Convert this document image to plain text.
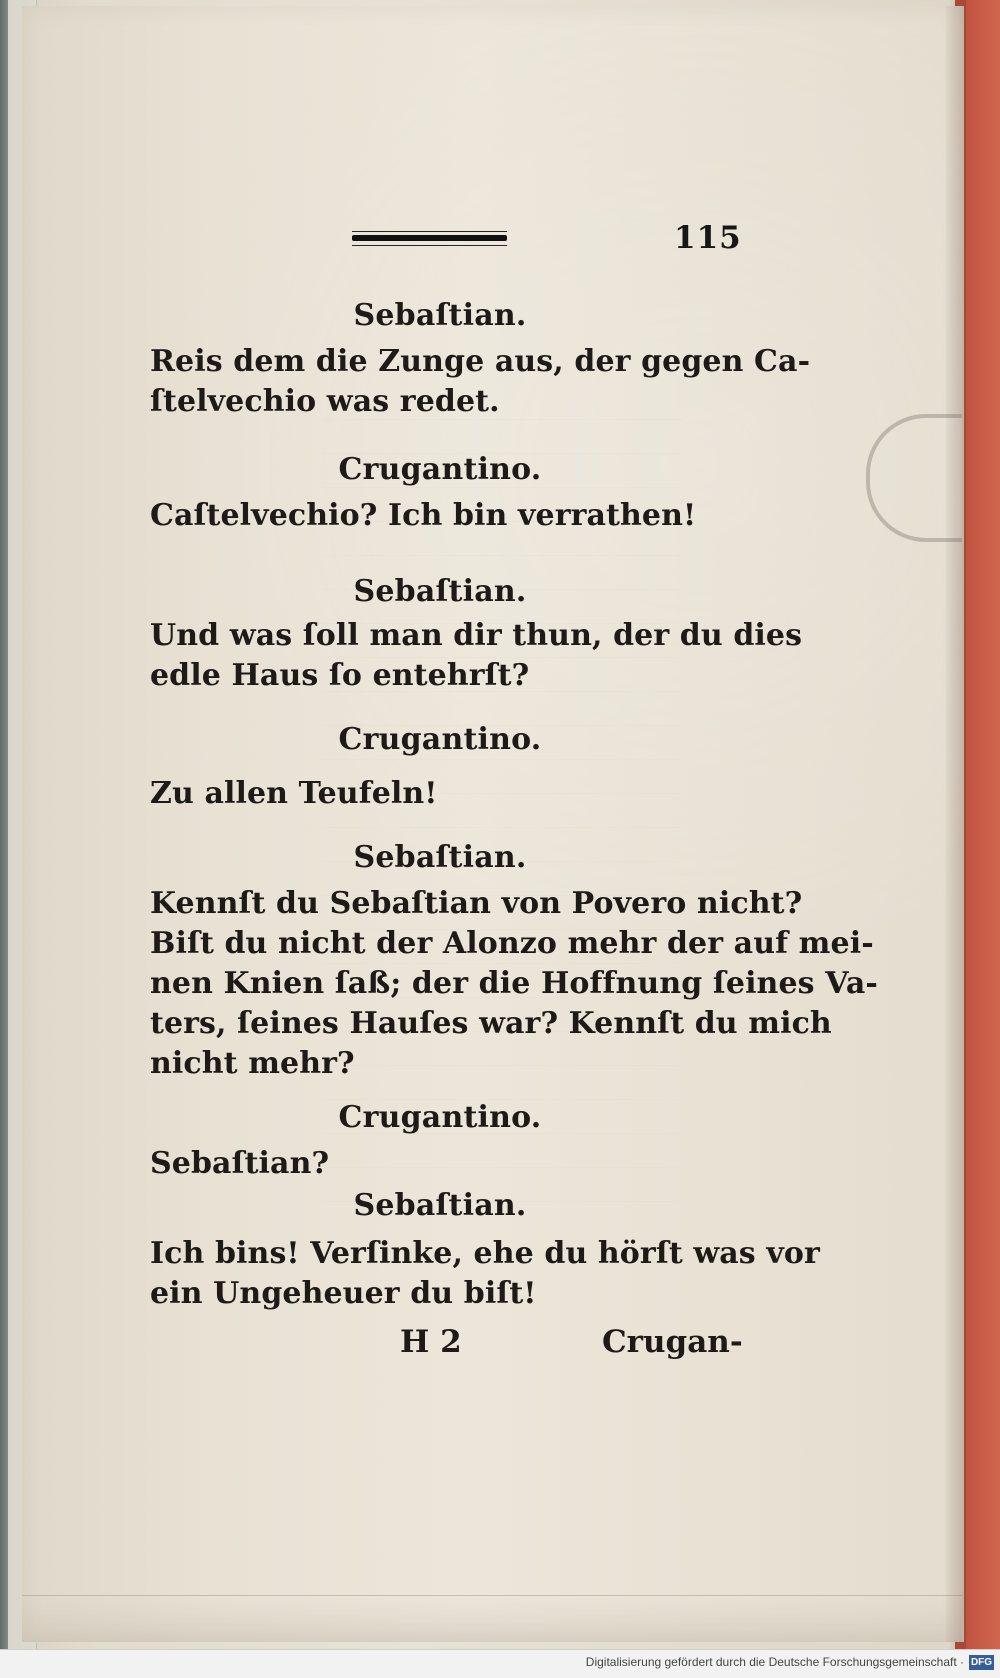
115
Sebaſtian.
Reis dem die Zunge aus, der gegen Ca-
ſtelvechio was redet.
Crugantino.
Caſtelvechio? Ich bin verrathen!
Sebaſtian.
Und was ſoll man dir thun, der du dies
edle Haus ſo entehrſt?
Crugantino.
Zu allen Teufeln!
Sebaſtian.
Kennſt du Sebaſtian von Povero nicht?
Biſt du nicht der Alonzo mehr der auf mei-
nen Knien ſaß; der die Hoffnung ſeines Va-
ters, ſeines Hauſes war? Kennſt du mich
nicht mehr?
Crugantino.
Sebaſtian?
Sebaſtian.
Ich bins! Verſinke, ehe du hörſt was vor
ein Ungeheuer du biſt!
H 2	Crugan-
Digitalisierung gefördert durch die Deutsche Forschungsgemeinschaft · DFG
